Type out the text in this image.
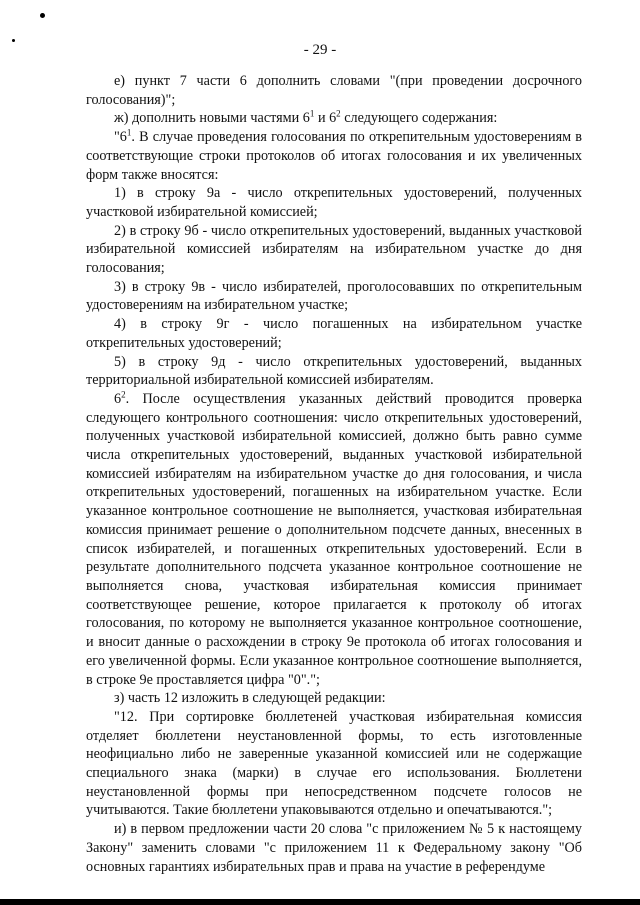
- 29 -

е) пункт 7 части 6 дополнить словами "(при проведении досрочного голосования)";

ж) дополнить новыми частями $6^1$ и $6^2$ следующего содержания:

"$6^1$. В случае проведения голосования по открепительным удостоверениям в соответствующие строки протоколов об итогах голосования и их увеличенных форм также вносятся:

1) в строку 9а - число открепительных удостоверений, полученных участковой избирательной комиссией;

2) в строку 9б - число открепительных удостоверений, выданных участковой избирательной комиссией избирателям на избирательном участке до дня голосования;

3) в строку 9в - число избирателей, проголосовавших по открепительным удостоверениям на избирательном участке;

4) в строку 9г - число погашенных на избирательном участке открепительных удостоверений;

5) в строку 9д - число открепительных удостоверений, выданных территориальной избирательной комиссией избирателям.

$6^2$. После осуществления указанных действий проводится проверка следующего контрольного соотношения: число открепительных удостоверений, полученных участковой избирательной комиссией, должно быть равно сумме числа открепительных удостоверений, выданных участковой избирательной комиссией избирателям на избирательном участке до дня голосования, и числа открепительных удостоверений, погашенных на избирательном участке. Если указанное контрольное соотношение не выполняется, участковая избирательная комиссия принимает решение о дополнительном подсчете данных, внесенных в список избирателей, и погашенных открепительных удостоверений. Если в результате дополнительного подсчета указанное контрольное соотношение не выполняется снова, участковая избирательная комиссия принимает соответствующее решение, которое прилагается к протоколу об итогах голосования, по которому не выполняется указанное контрольное соотношение, и вносит данные о расхождении в строку 9е протокола об итогах голосования и его увеличенной формы. Если указанное контрольное соотношение выполняется, в строке 9е проставляется цифра "0".";

з) часть 12 изложить в следующей редакции:

"12. При сортировке бюллетеней участковая избирательная комиссия отделяет бюллетени неустановленной формы, то есть изготовленные неофициально либо не заверенные указанной комиссией или не содержащие специального знака (марки) в случае его использования. Бюллетени неустановленной формы при непосредственном подсчете голосов не учитываются. Такие бюллетени упаковываются отдельно и опечатываются.";

и) в первом предложении части 20 слова "с приложением № 5 к настоящему Закону" заменить словами "с приложением 11 к Федеральному закону "Об основных гарантиях избирательных прав и права на участие в референдуме
